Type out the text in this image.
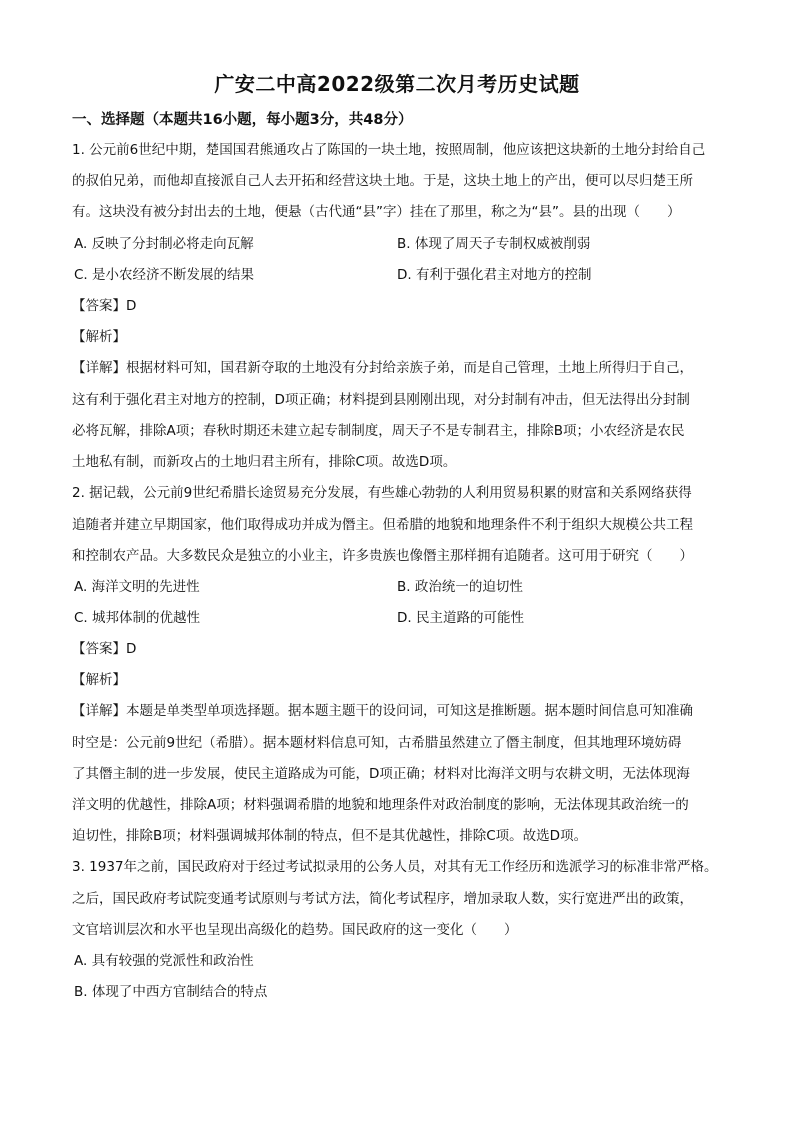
广安二中高2022级第二次月考历史试题
一、选择题（本题共16小题，每小题3分，共48分）
1. 公元前6世纪中期，楚国国君熊通攻占了陈国的一块土地，按照周制，他应该把这块新的土地分封给自己
的叔伯兄弟，而他却直接派自己人去开拓和经营这块土地。于是，这块土地上的产出，便可以尽归楚王所
有。这块没有被分封出去的土地，便悬（古代通“县”字）挂在了那里，称之为“县”。县的出现（　　）
A. 反映了分封制必将走向瓦解	B. 体现了周天子专制权威被削弱
C. 是小农经济不断发展的结果	D. 有利于强化君主对地方的控制
【答案】D
【解析】
【详解】根据材料可知，国君新夺取的土地没有分封给亲族子弟，而是自己管理，土地上所得归于自己，
这有利于强化君主对地方的控制，D项正确；材料提到县刚刚出现，对分封制有冲击，但无法得出分封制
必将瓦解，排除A项；春秋时期还未建立起专制制度，周天子不是专制君主，排除B项；小农经济是农民
土地私有制，而新攻占的土地归君主所有，排除C项。故选D项。
2. 据记载，公元前9世纪希腊长途贸易充分发展，有些雄心勃勃的人利用贸易积累的财富和关系网络获得
追随者并建立早期国家，他们取得成功并成为僭主。但希腊的地貌和地理条件不利于组织大规模公共工程
和控制农产品。大多数民众是独立的小业主，许多贵族也像僭主那样拥有追随者。这可用于研究（　　）
A. 海洋文明的先进性	B. 政治统一的迫切性
C. 城邦体制的优越性	D. 民主道路的可能性
【答案】D
【解析】
【详解】本题是单类型单项选择题。据本题主题干的设问词，可知这是推断题。据本题时间信息可知准确
时空是：公元前9世纪（希腊）。据本题材料信息可知，古希腊虽然建立了僭主制度，但其地理环境妨碍
了其僭主制的进一步发展，使民主道路成为可能，D项正确；材料对比海洋文明与农耕文明，无法体现海
洋文明的优越性，排除A项；材料强调希腊的地貌和地理条件对政治制度的影响，无法体现其政治统一的
迫切性，排除B项；材料强调城邦体制的特点，但不是其优越性，排除C项。故选D项。
3. 1937年之前，国民政府对于经过考试拟录用的公务人员，对其有无工作经历和选派学习的标准非常严格。
之后，国民政府考试院变通考试原则与考试方法，简化考试程序，增加录取人数，实行宽进严出的政策，
文官培训层次和水平也呈现出高级化的趋势。国民政府的这一变化（　　）
A. 具有较强的党派性和政治性
B. 体现了中西方官制结合的特点
